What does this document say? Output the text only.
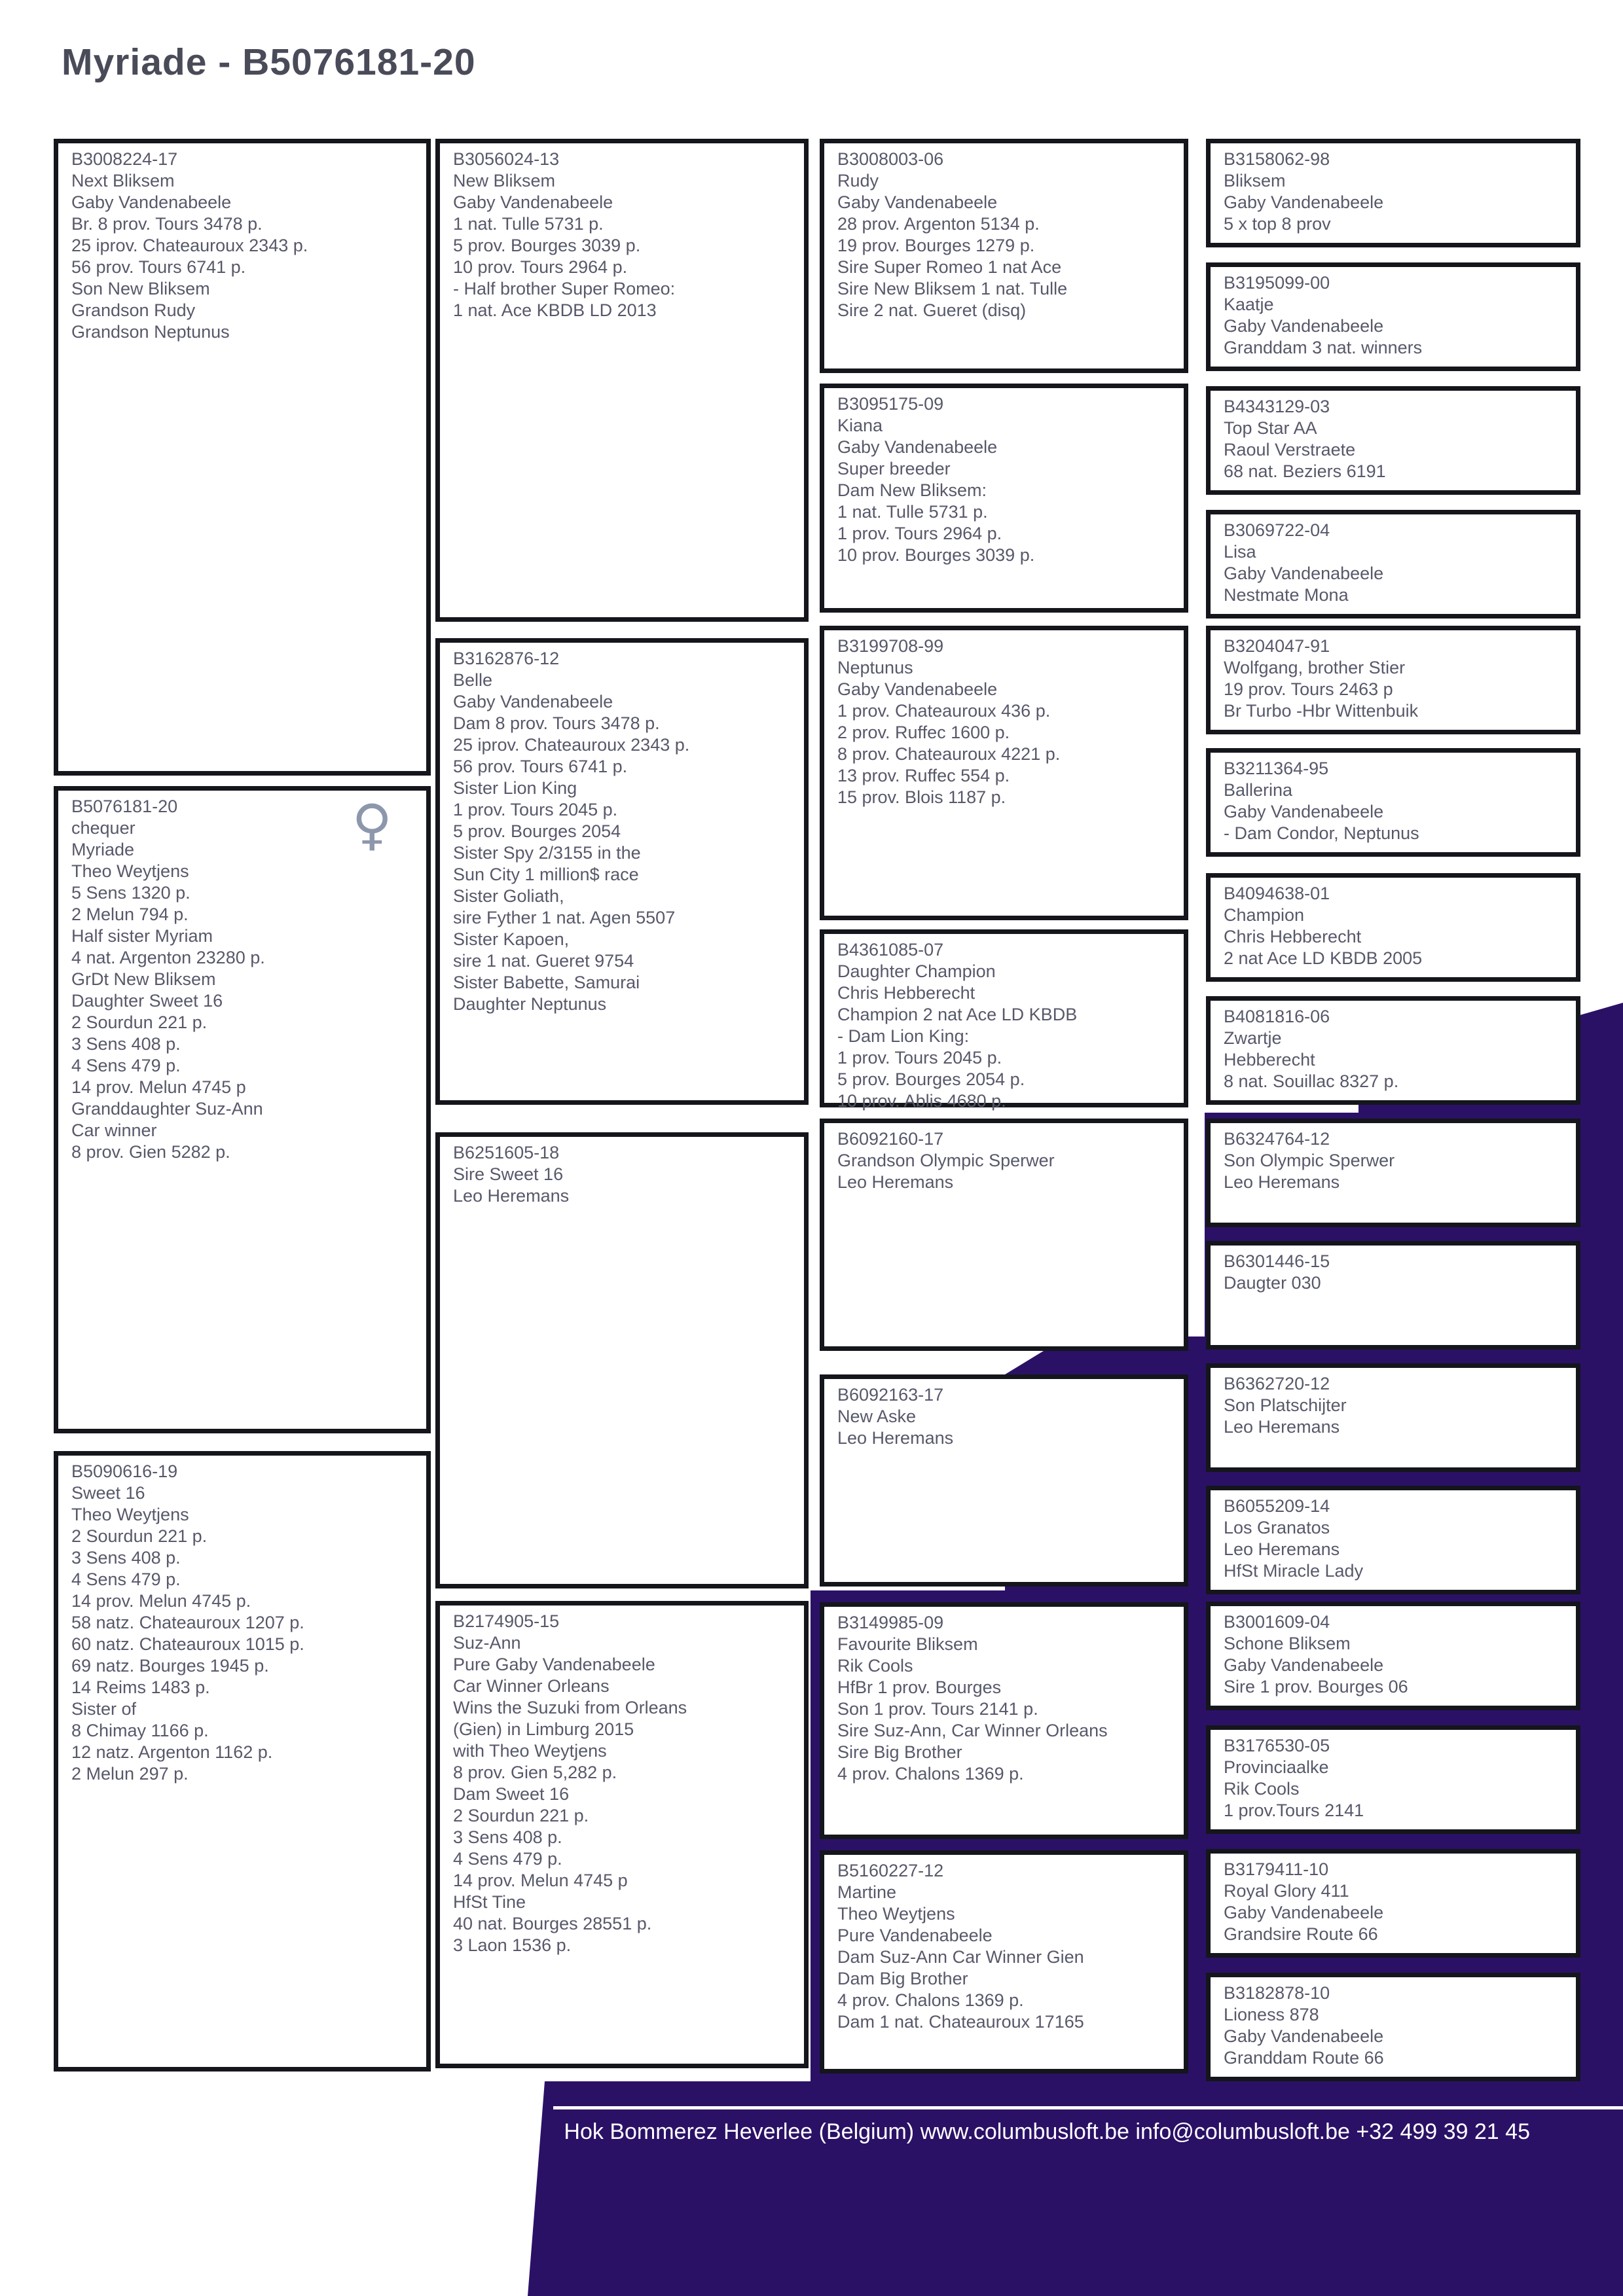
Myriade - B5076181-20
B3008224-17
Next Bliksem
Gaby Vandenabeele
Br. 8 prov. Tours 3478 p.
25 iprov. Chateauroux 2343 p.
56 prov. Tours 6741 p.
Son New Bliksem
Grandson Rudy
Grandson Neptunus
B5076181-20
chequer
Myriade
Theo Weytjens
5 Sens 1320 p.
2 Melun 794 p.
Half sister Myriam
4 nat. Argenton 23280 p.
GrDt New Bliksem
Daughter Sweet 16
2 Sourdun 221 p.
3 Sens 408 p.
4 Sens 479 p.
14 prov. Melun 4745 p
Granddaughter Suz-Ann
Car winner
8 prov. Gien 5282 p.
♀
B5090616-19
Sweet 16
Theo Weytjens
2 Sourdun 221 p.
3 Sens 408 p.
4 Sens 479 p.
14 prov. Melun 4745 p.
58 natz. Chateauroux 1207 p.
60 natz. Chateauroux 1015 p.
69 natz. Bourges 1945 p.
14 Reims 1483 p.
Sister of
8 Chimay 1166 p.
12 natz. Argenton 1162 p.
2 Melun 297 p.
B3056024-13
New Bliksem
Gaby Vandenabeele
1 nat. Tulle 5731 p.
5 prov. Bourges 3039 p.
10 prov. Tours 2964 p.
- Half brother Super Romeo:
1 nat. Ace KBDB LD 2013
B3162876-12
Belle
Gaby Vandenabeele
Dam 8 prov. Tours 3478 p.
25 iprov. Chateauroux 2343 p.
56 prov. Tours 6741 p.
Sister Lion King
1 prov. Tours 2045 p.
5 prov. Bourges 2054
Sister Spy 2/3155 in the
Sun City 1 million$ race
Sister Goliath,
sire Fyther 1 nat. Agen 5507
Sister Kapoen,
sire 1 nat. Gueret 9754
Sister Babette, Samurai
Daughter Neptunus
B6251605-18
Sire Sweet 16
Leo Heremans
B2174905-15
Suz-Ann
Pure Gaby Vandenabeele
Car Winner Orleans
Wins the Suzuki from Orleans
(Gien) in Limburg 2015
with Theo Weytjens
8 prov. Gien 5,282 p.
Dam Sweet 16
2 Sourdun 221 p.
3 Sens 408 p.
4 Sens 479 p.
14 prov. Melun 4745 p
HfSt Tine
40 nat. Bourges 28551 p.
3 Laon 1536 p.
B3008003-06
Rudy
Gaby Vandenabeele
28 prov. Argenton 5134 p.
19 prov. Bourges 1279 p.
Sire Super Romeo 1 nat Ace
Sire New Bliksem 1 nat. Tulle
Sire 2 nat. Gueret (disq)
B3095175-09
Kiana
Gaby Vandenabeele
Super breeder
Dam New Bliksem:
1 nat. Tulle 5731 p.
1 prov. Tours 2964 p.
10 prov. Bourges 3039 p.
B3199708-99
Neptunus
Gaby Vandenabeele
1 prov. Chateauroux 436 p.
2 prov. Ruffec 1600 p.
8 prov. Chateauroux 4221 p.
13 prov. Ruffec 554 p.
15 prov. Blois 1187 p.
B4361085-07
Daughter Champion
Chris Hebberecht
Champion 2 nat Ace LD KBDB
- Dam Lion King:
1 prov. Tours 2045 p.
5 prov. Bourges 2054 p.
10 prov. Ablis 4680 p.
B6092160-17
Grandson Olympic Sperwer
Leo Heremans
B6092163-17
New Aske
Leo Heremans
B3149985-09
Favourite Bliksem
Rik Cools
HfBr 1 prov. Bourges
Son 1 prov. Tours 2141 p.
Sire Suz-Ann, Car Winner Orleans
Sire Big Brother
4 prov. Chalons 1369 p.
B5160227-12
Martine
Theo Weytjens
Pure Vandenabeele
Dam Suz-Ann Car Winner Gien
Dam Big Brother
4 prov. Chalons 1369 p.
Dam 1 nat. Chateauroux 17165
B3158062-98
Bliksem
Gaby Vandenabeele
5 x top 8 prov
B3195099-00
Kaatje
Gaby Vandenabeele
Granddam 3 nat. winners
B4343129-03
Top Star AA
Raoul Verstraete
68 nat. Beziers 6191
B3069722-04
Lisa
Gaby Vandenabeele
Nestmate Mona
B3204047-91
Wolfgang, brother Stier
19 prov. Tours 2463 p
Br Turbo -Hbr Wittenbuik
B3211364-95
Ballerina
Gaby Vandenabeele
- Dam Condor, Neptunus
B4094638-01
Champion
Chris Hebberecht
2 nat Ace LD KBDB 2005
B4081816-06
Zwartje
Hebberecht
8 nat. Souillac 8327 p.
B6324764-12
Son Olympic Sperwer
Leo Heremans
B6301446-15
Daugter 030
B6362720-12
Son Platschijter
Leo Heremans
B6055209-14
Los Granatos
Leo Heremans
HfSt Miracle Lady
B3001609-04
Schone Bliksem
Gaby Vandenabeele
Sire 1 prov. Bourges 06
B3176530-05
Provinciaalke
Rik Cools
1 prov.Tours 2141
B3179411-10
Royal Glory 411
Gaby Vandenabeele
Grandsire Route 66
B3182878-10
Lioness 878
Gaby Vandenabeele
Granddam Route 66
Hok Bommerez Heverlee (Belgium) www.columbusloft.be info@columbusloft.be +32 499 39 21 45
